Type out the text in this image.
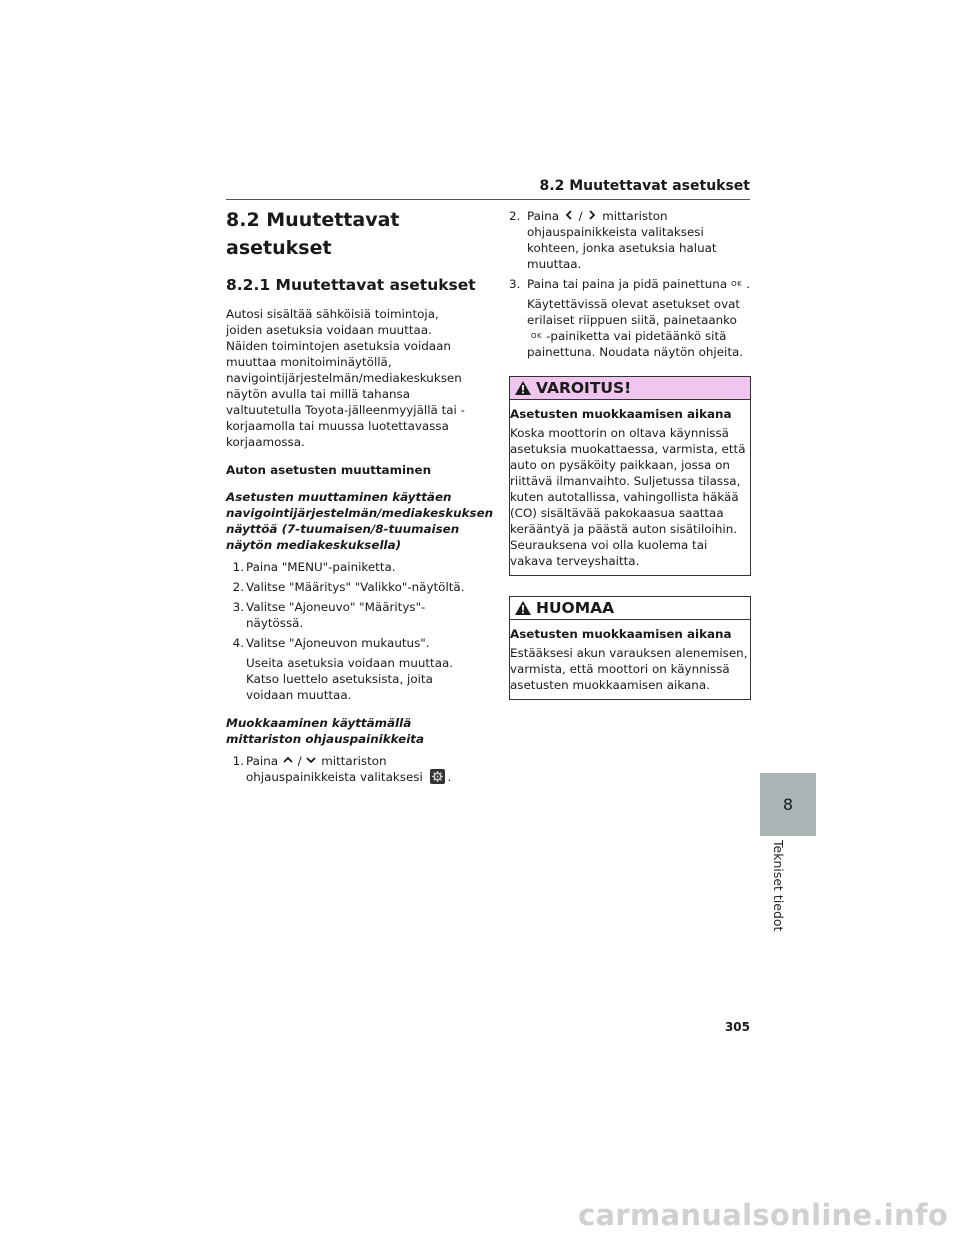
8.2 Muutettavat asetukset
8.2 Muutettavat asetukset
8.2.1 Muutettavat asetukset

Autosi sisältää sähköisiä toimintoja, joiden asetuksia voidaan muuttaa. Näiden toimintojen asetuksia voidaan muuttaa monitoiminäytöllä, navigointijärjestelmän/mediakeskuksen näytön avulla tai millä tahansa valtuutetulla Toyota-jälleenmyyjällä tai -korjaamolla tai muussa luotettavassa korjaamossa.

Auton asetusten muuttaminen

Asetusten muuttaminen käyttäen navigointijärjestelmän/mediakeskuksen näyttöä (7-tuumaisen/8-tuumaisen näytön mediakeskuksella)

1. Paina "MENU"-painiketta.
2. Valitse "Määritys" "Valikko"-näytöltä.
3. Valitse "Ajoneuvo" "Määritys"-näytössä.
4. Valitse "Ajoneuvon mukautus".

Useita asetuksia voidaan muuttaa. Katso luettelo asetuksista, joita voidaan muuttaa.

Muokkaaminen käyttämällä mittariston ohjauspainikkeita

1. Paina / mittariston ohjauspainikkeista valitaksesi .
2. Paina / mittariston ohjauspainikkeista valitaksesi kohteen, jonka asetuksia haluat muuttaa.
3. Paina tai paina ja pidä painettuna OK .
Käytettävissä olevat asetukset ovat erilaiset riippuen siitä, painetaanko
OK -painiketta vai pidetäänkö sitä painettuna. Noudata näytön ohjeita.
VAROITUS!

Asetusten muokkaamisen aikana

Koska moottorin on oltava käynnissä asetuksia muokattaessa, varmista, että auto on pysäköity paikkaan, jossa on riittävä ilmanvaihto. Suljetussa tilassa, kuten autotallissa, vahingollista häkää (CO) sisältävää pakokaasua saattaa kerääntyä ja päästä auton sisätiloihin. Seurauksena voi olla kuolema tai vakava terveyshaitta.

HUOMAA

Asetusten muokkaamisen aikana

Estääksesi akun varauksen alenemisen, varmista, että moottori on käynnissä asetusten muokkaamisen aikana.

8
Tekniset tiedot
305
carmanualsonline.info
